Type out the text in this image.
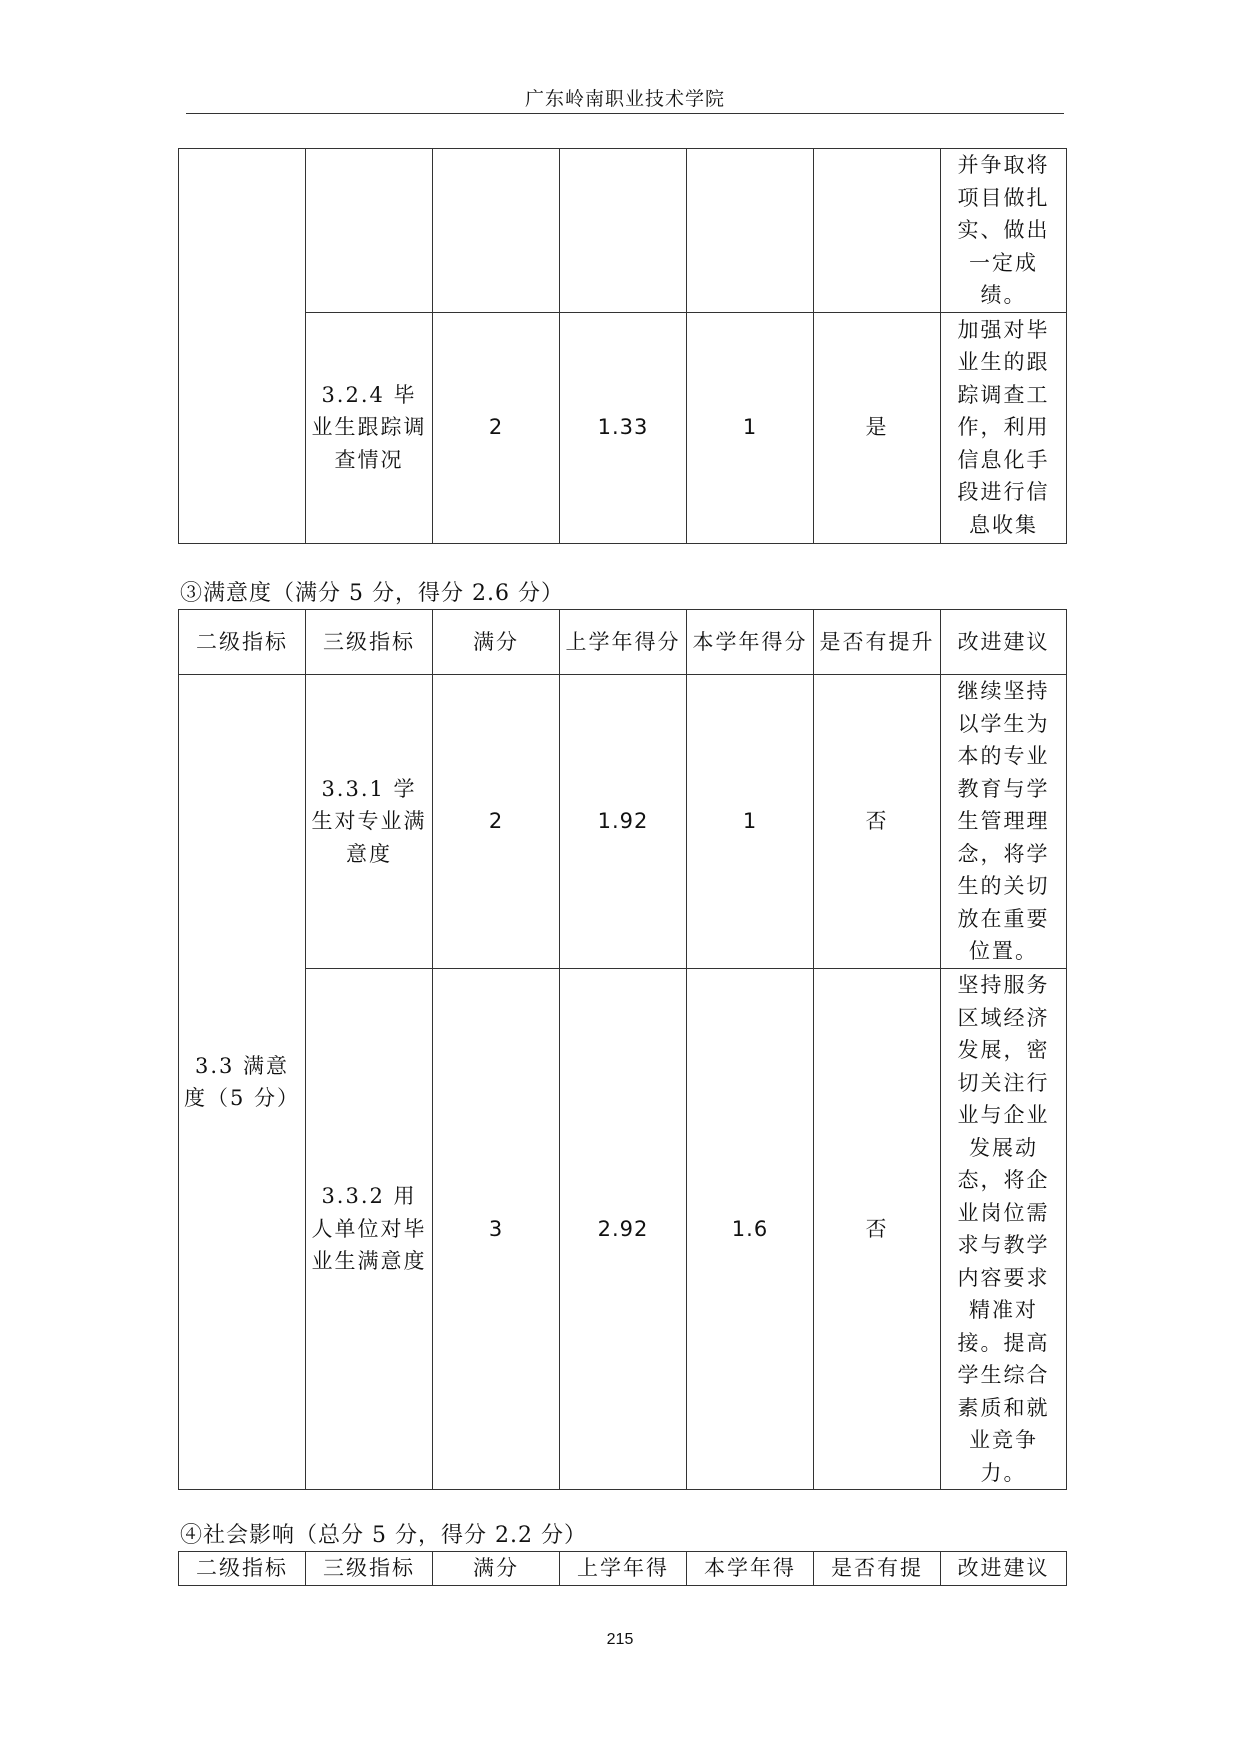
广东岭南职业技术学院

						并争取将项目做扎实、做出一定成绩。

	3.2.4 毕业生跟踪调查情况	2	1.33	1	是	加强对毕业生的跟踪调查工作，利用信息化手段进行信息收集
③满意度（满分 5 分，得分 2.6 分）
二级指标	三级指标	满分	上学年得分	本学年得分	是否有提升	改进建议

3.3 满意度（5 分）	3.3.1 学生对专业满意度	2	1.92	1	否	继续坚持以学生为本的专业教育与学生管理理念，将学生的关切放在重要位置。

	3.3.2 用人单位对毕业生满意度	3	2.92	1.6	否	坚持服务区域经济发展，密切关注行业与企业发展动态，将企业岗位需求与教学内容要求精准对接。提高学生综合素质和就业竞争力。
④社会影响（总分 5 分，得分 2.2 分）
二级指标	三级指标	满分	上学年得	本学年得	是否有提	改进建议
215
